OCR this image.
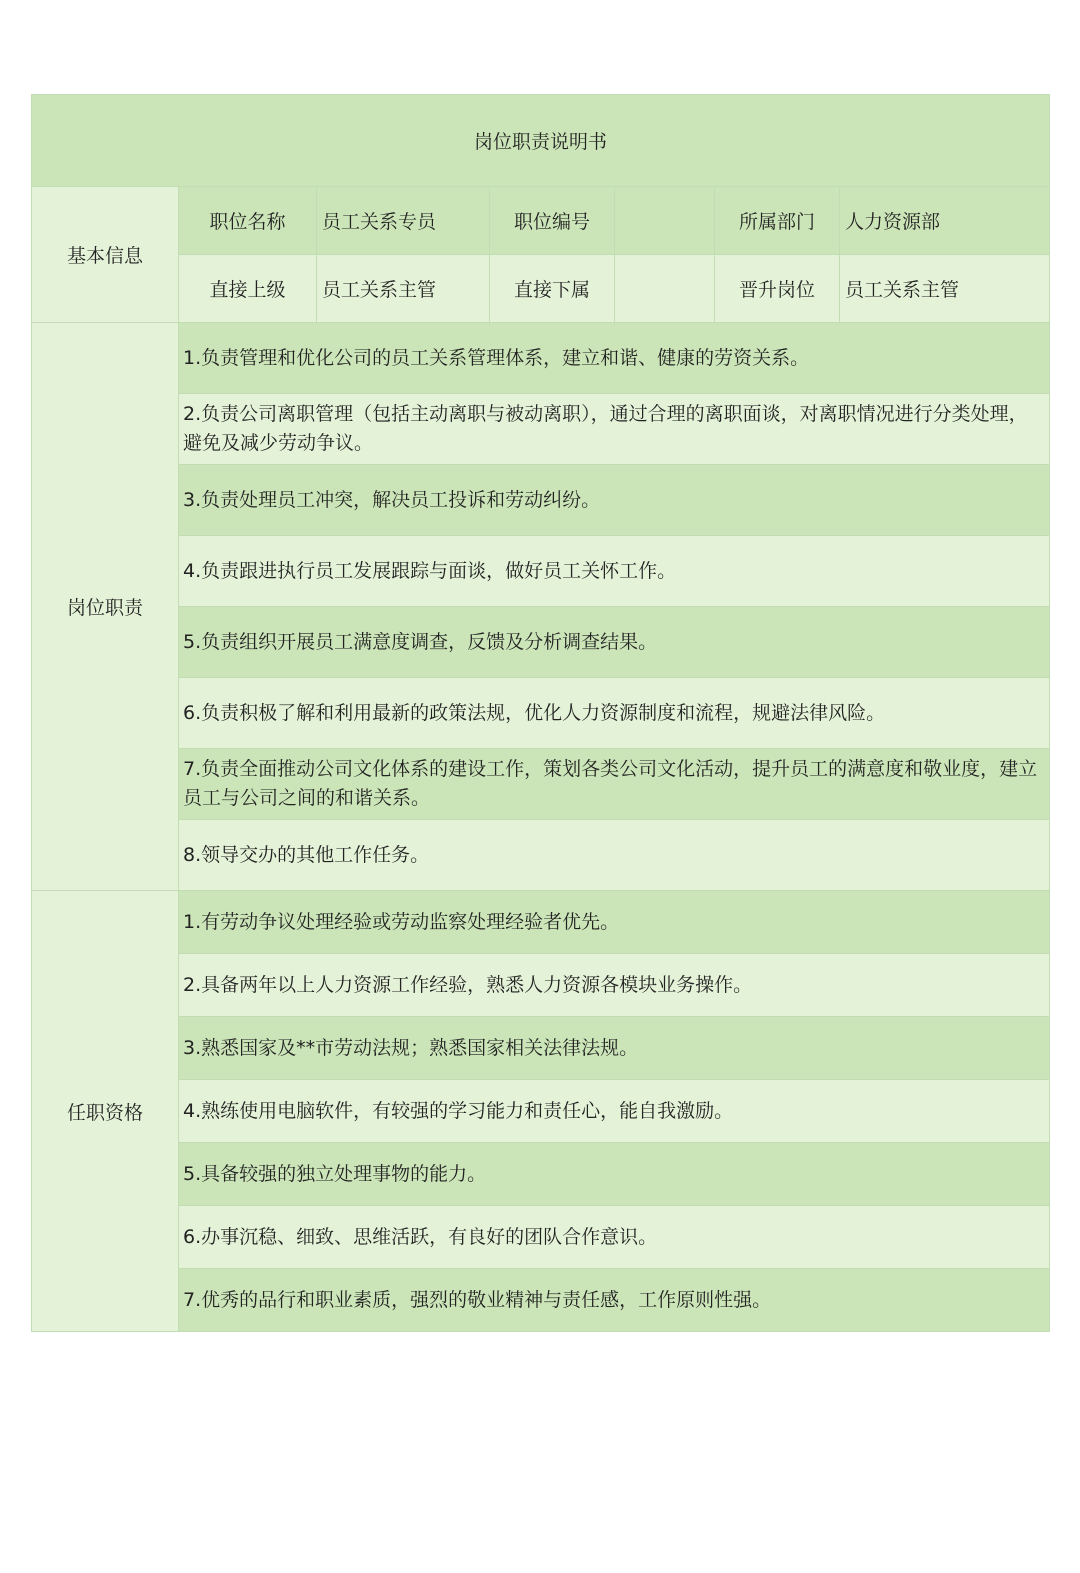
岗位职责说明书						
基本信息	职位名称	员工关系专员	职位编号		所属部门	人力资源部
	直接上级	员工关系主管	直接下属		晋升岗位	员工关系主管
岗位职责	1.负责管理和优化公司的员工关系管理体系，建立和谐、健康的劳资关系。					
	2.负责公司离职管理（包括主动离职与被动离职），通过合理的离职面谈，对离职情况进行分类处理，避免及减少劳动争议。					
	3.负责处理员工冲突，解决员工投诉和劳动纠纷。					
	4.负责跟进执行员工发展跟踪与面谈，做好员工关怀工作。					
	5.负责组织开展员工满意度调查，反馈及分析调查结果。					
	6.负责积极了解和利用最新的政策法规，优化人力资源制度和流程，规避法律风险。					
	7.负责全面推动公司文化体系的建设工作，策划各类公司文化活动，提升员工的满意度和敬业度，建立员工与公司之间的和谐关系。					
	8.领导交办的其他工作任务。					
任职资格	1.有劳动争议处理经验或劳动监察处理经验者优先。					
	2.具备两年以上人力资源工作经验，熟悉人力资源各模块业务操作。					
	3.熟悉国家及**市劳动法规；熟悉国家相关法律法规。					
	4.熟练使用电脑软件，有较强的学习能力和责任心，能自我激励。					
	5.具备较强的独立处理事物的能力。					
	6.办事沉稳、细致、思维活跃，有良好的团队合作意识。					
	7.优秀的品行和职业素质，强烈的敬业精神与责任感，工作原则性强。					
